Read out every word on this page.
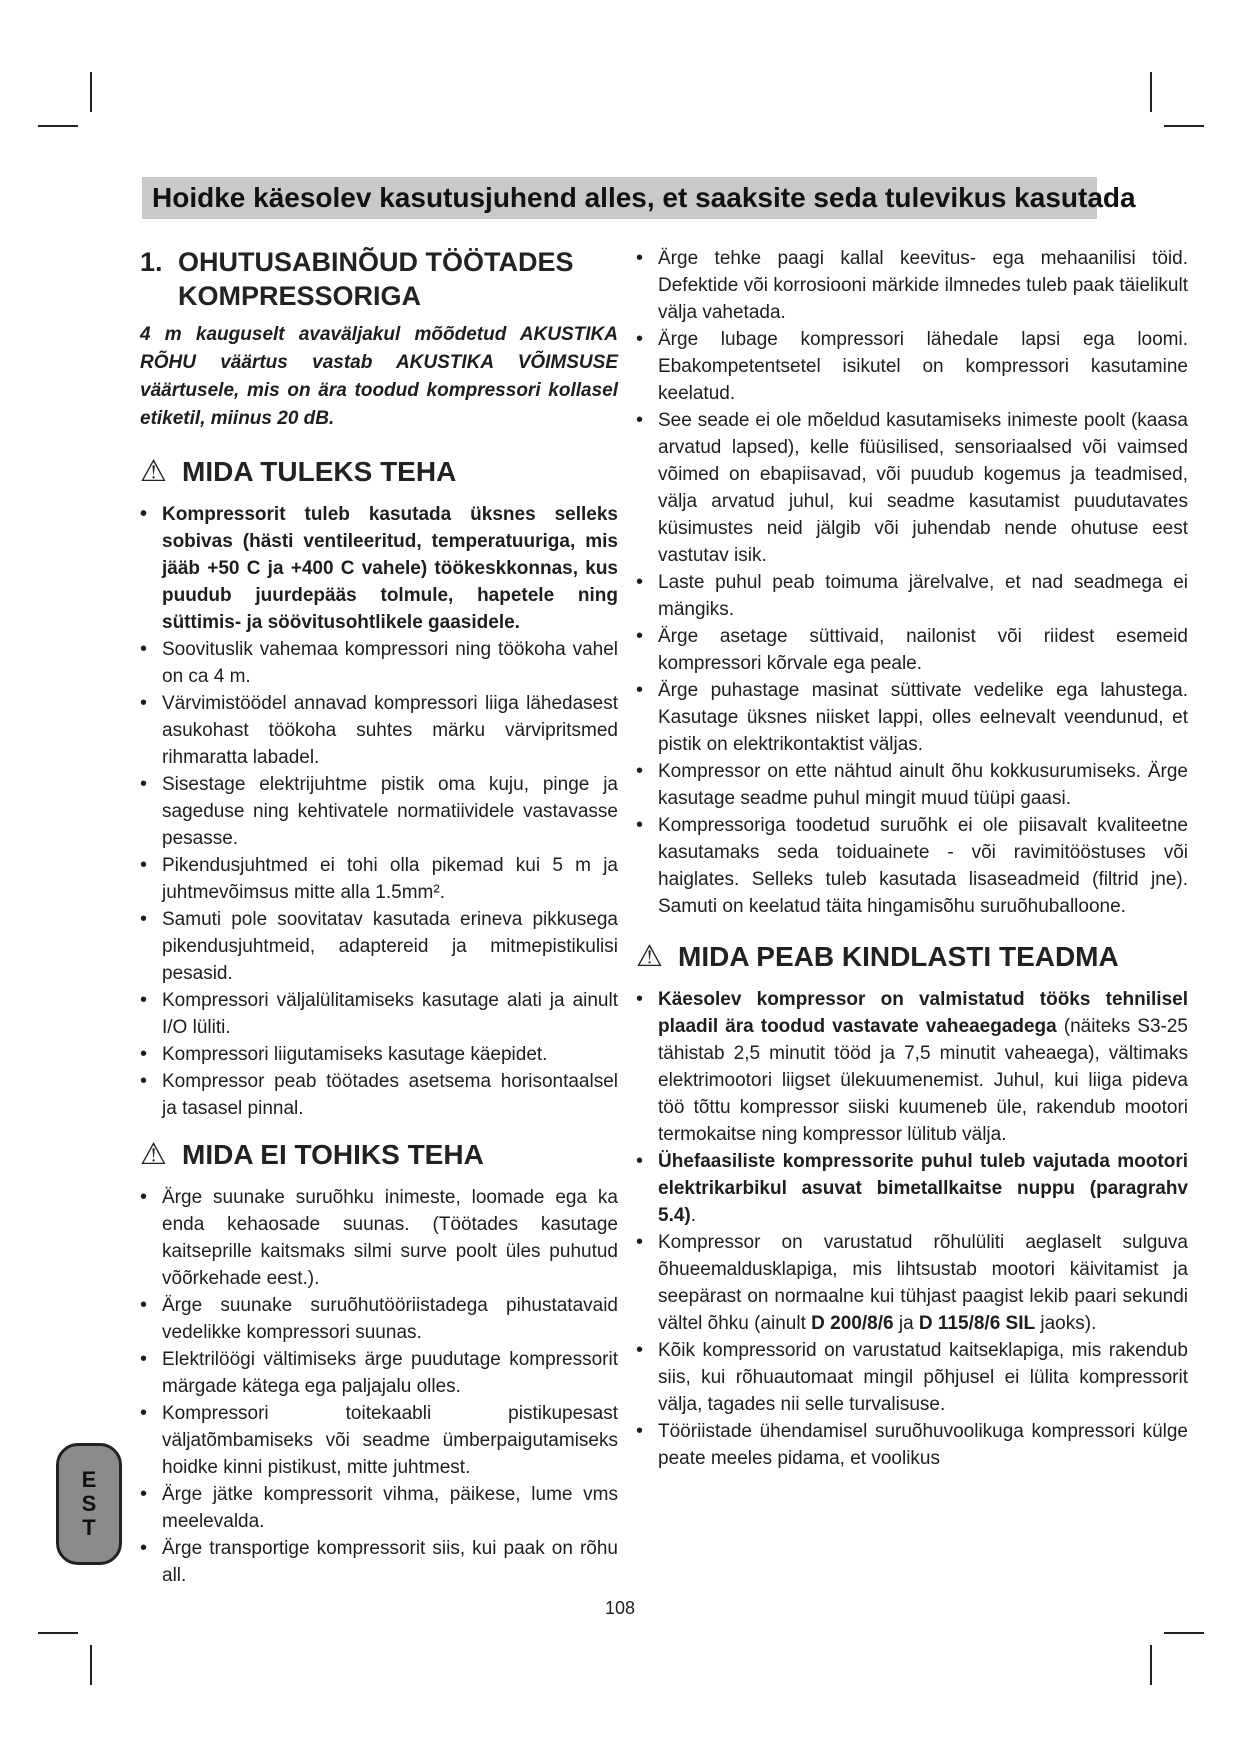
Hoidke käesolev kasutusjuhend alles, et saaksite seda tulevikus kasutada
1. OHUTUSABINÕUD TÖÖTADES KOMPRESSORIGA
4 m kauguselt avaväljakul mõõdetud AKUSTIKA RÕHU väärtus vastab AKUSTIKA VÕIMSUSE väärtusele, mis on ära toodud kompressori kollasel etiketil, miinus 20 dB.
⚠ MIDA TULEKS TEHA
• Kompressorit tuleb kasutada üksnes selleks sobivas (hästi ventileeritud, temperatuuriga, mis jääb +50 C ja +400 C vahele) töökeskkonnas, kus puudub juurdepääs tolmule, hapetele ning süttimis- ja söövitusohtlikele gaasidele.
• Soovituslik vahemaa kompressori ning töökoha vahel on ca 4 m.
• Värvimistöödel annavad kompressori liiga lähedasest asukohast töökoha suhtes märku värvipritsmed rihmaratta labadel.
• Sisestage elektrijuhtme pistik oma kuju, pinge ja sageduse ning kehtivatele normatiividele vastavasse pesasse.
• Pikendusjuhtmed ei tohi olla pikemad kui 5 m ja juhtmevõimsus mitte alla 1.5mm².
• Samuti pole soovitatav kasutada erineva pikkusega pikendusjuhtmeid, adaptereid ja mitmepistikulisi pesasid.
• Kompressori väljalülitamiseks kasutage alati ja ainult I/O lüliti.
• Kompressori liigutamiseks kasutage käepidet.
• Kompressor peab töötades asetsema horisontaalsel ja tasasel pinnal.
⚠ MIDA EI TOHIKS TEHA
• Ärge suunake suruõhku inimeste, loomade ega ka enda kehaosade suunas. (Töötades kasutage kaitseprille kaitsmaks silmi surve poolt üles puhutud võõrkehade eest.).
• Ärge suunake suruõhutööriistadega pihustatavaid vedelikke kompressori suunas.
• Elektrilöögi vältimiseks ärge puudutage kompressorit märgade kätega ega paljajalu olles.
• Kompressori toitekaabli pistikupesast väljatõmbamiseks või seadme ümberpaigutamiseks hoidke kinni pistikust, mitte juhtmest.
• Ärge jätke kompressorit vihma, päikese, lume vms meelevalda.
• Ärge transportige kompressorit siis, kui paak on rõhu all.
• Ärge tehke paagi kallal keevitus- ega mehaanilisi töid. Defektide või korrosiooni märkide ilmnedes tuleb paak täielikult välja vahetada.
• Ärge lubage kompressori lähedale lapsi ega loomi. Ebakompetentsetel isikutel on kompressori kasutamine keelatud.
• See seade ei ole mõeldud kasutamiseks inimeste poolt (kaasa arvatud lapsed), kelle füüsilised, sensoriaalsed või vaimsed võimed on ebapiisavad, või puudub kogemus ja teadmised, välja arvatud juhul, kui seadme kasutamist puudutavates küsimustes neid jälgib või juhendab nende ohutuse eest vastutav isik.
• Laste puhul peab toimuma järelvalve, et nad seadmega ei mängiks.
• Ärge asetage süttivaid, nailonist või riidest esemeid kompressori kõrvale ega peale.
• Ärge puhastage masinat süttivate vedelike ega lahustega. Kasutage üksnes niisket lappi, olles eelnevalt veendunud, et pistik on elektrikontaktist väljas.
• Kompressor on ette nähtud ainult õhu kokkusurumiseks. Ärge kasutage seadme puhul mingit muud tüüpi gaasi.
• Kompressoriga toodetud suruõhk ei ole piisavalt kvaliteetne kasutamaks seda toiduainete - või ravimitööstuses või haiglates. Selleks tuleb kasutada lisaseadmeid (filtrid jne). Samuti on keelatud täita hingamisõhu suruõhuballoone.
⚠ MIDA PEAB KINDLASTI TEADMA
• Käesolev kompressor on valmistatud tööks tehnilisel plaadil ära toodud vastavate vaheaegadega (näiteks S3-25 tähistab 2,5 minutit tööd ja 7,5 minutit vaheaega), vältimaks elektrimootori liigset ülekuumenemist. Juhul, kui liiga pideva töö tõttu kompressor siiski kuumeneb üle, rakendub mootori termokaitse ning kompressor lülitub välja.
• Ühefaasiliste kompressorite puhul tuleb vajutada mootori elektrikarbikul asuvat bimetallkaitse nuppu (paragrahv 5.4).
• Kompressor on varustatud rõhulüliti aeglaselt sulguva õhueemaldusklapiga, mis lihtsustab mootori käivitamist ja seepärast on normaalne kui tühjast paagist lekib paari sekundi vältel õhku (ainult D 200/8/6 ja D 115/8/6 SIL jaoks).
• Kõik kompressorid on varustatud kaitseklapiga, mis rakendub siis, kui rõhuautomaat mingil põhjusel ei lülita kompressorit välja, tagades nii selle turvalisuse.
• Tööriistade ühendamisel suruõhuvoolikuga kompressori külge peate meeles pidama, et voolikus
E
S
T
108
